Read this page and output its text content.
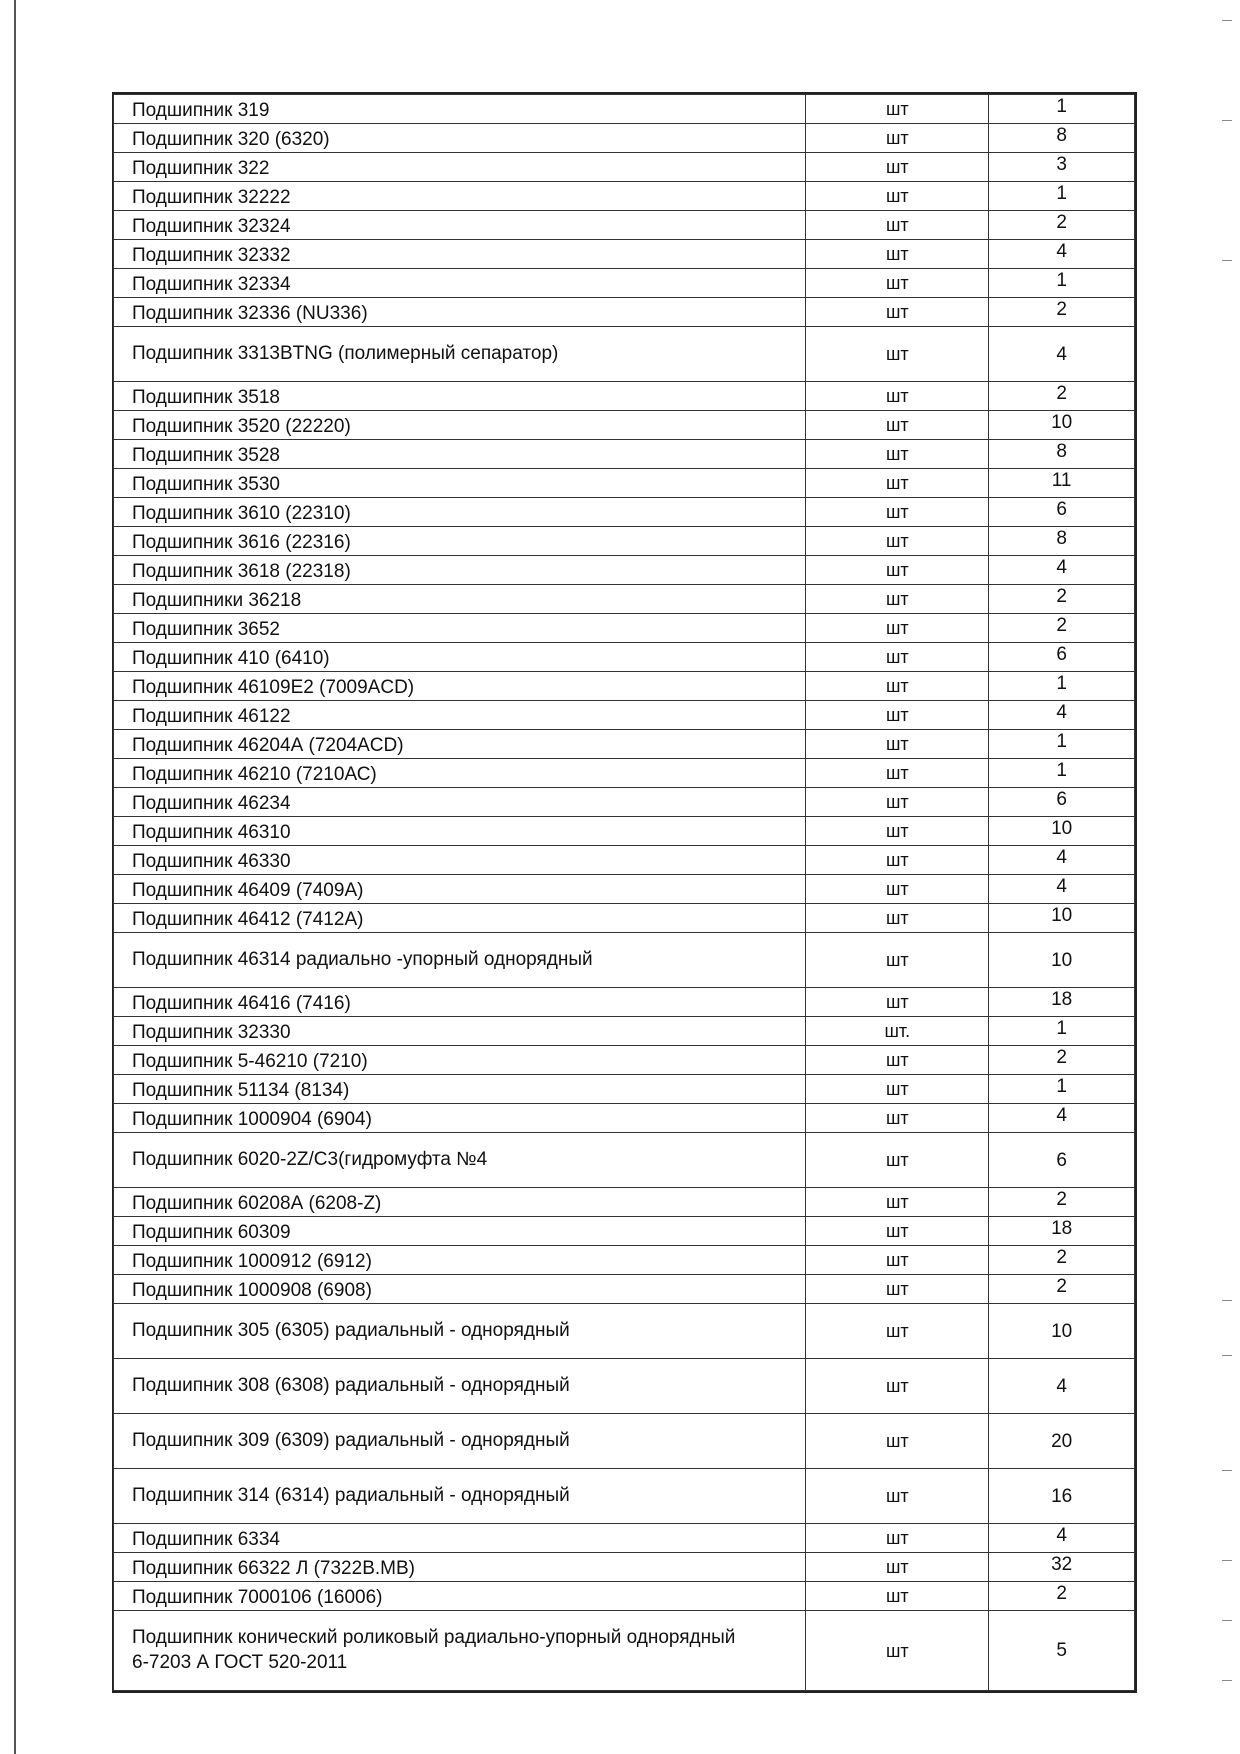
Подшипник 319	шт	1
Подшипник 320 (6320)	шт	8
Подшипник 322	шт	3
Подшипник 32222	шт	1
Подшипник 32324	шт	2
Подшипник 32332	шт	4
Подшипник 32334	шт	1
Подшипник 32336 (NU336)	шт	2
Подшипник 3313BTNG (полимерный сепаратор)	шт	4
Подшипник 3518	шт	2
Подшипник 3520 (22220)	шт	10
Подшипник 3528	шт	8
Подшипник 3530	шт	11
Подшипник 3610 (22310)	шт	6
Подшипник 3616 (22316)	шт	8
Подшипник 3618 (22318)	шт	4
Подшипники 36218	шт	2
Подшипник 3652	шт	2
Подшипник 410 (6410)	шт	6
Подшипник 46109Е2 (7009ACD)	шт	1
Подшипник 46122	шт	4
Подшипник 46204А (7204ACD)	шт	1
Подшипник 46210 (7210АС)	шт	1
Подшипник 46234	шт	6
Подшипник 46310	шт	10
Подшипник 46330	шт	4
Подшипник 46409 (7409А)	шт	4
Подшипник 46412 (7412А)	шт	10
Подшипник 46314 радиально -упорный однорядный	шт	10
Подшипник 46416 (7416)	шт	18
Подшипник 32330	шт.	1
Подшипник 5-46210 (7210)	шт	2
Подшипник 51134 (8134)	шт	1
Подшипник 1000904 (6904)	шт	4
Подшипник 6020-2Z/C3(гидромуфта №4	шт	6
Подшипник 60208А (6208-Z)	шт	2
Подшипник 60309	шт	18
Подшипник 1000912 (6912)	шт	2
Подшипник 1000908 (6908)	шт	2
Подшипник 305 (6305) радиальный - однорядный	шт	10
Подшипник 308 (6308) радиальный - однорядный	шт	4
Подшипник 309 (6309) радиальный - однорядный	шт	20
Подшипник 314 (6314) радиальный - однорядный	шт	16
Подшипник 6334	шт	4
Подшипник 66322 Л (7322В.МВ)	шт	32
Подшипник 7000106 (16006)	шт	2
Подшипник конический роликовый радиально-упорный однорядный
6-7203 А ГОСТ 520-2011	шт	5
